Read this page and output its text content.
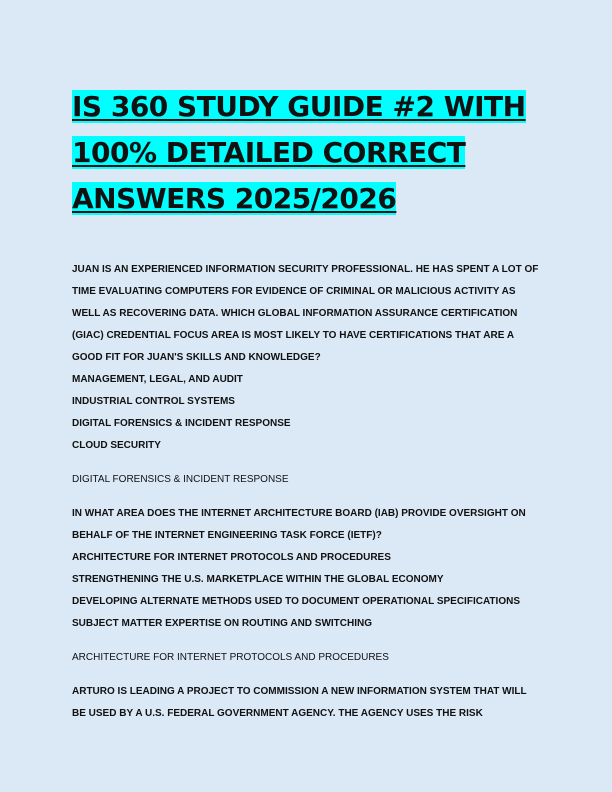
IS 360 STUDY GUIDE #2 WITH
100% DETAILED CORRECT
ANSWERS 2025/2026

JUAN IS AN EXPERIENCED INFORMATION SECURITY PROFESSIONAL. HE HAS SPENT A LOT OF TIME EVALUATING COMPUTERS FOR EVIDENCE OF CRIMINAL OR MALICIOUS ACTIVITY AS WELL AS RECOVERING DATA. WHICH GLOBAL INFORMATION ASSURANCE CERTIFICATION (GIAC) CREDENTIAL FOCUS AREA IS MOST LIKELY TO HAVE CERTIFICATIONS THAT ARE A GOOD FIT FOR JUAN'S SKILLS AND KNOWLEDGE?

MANAGEMENT, LEGAL, AND AUDIT

INDUSTRIAL CONTROL SYSTEMS

DIGITAL FORENSICS & INCIDENT RESPONSE

CLOUD SECURITY

DIGITAL FORENSICS & INCIDENT RESPONSE

IN WHAT AREA DOES THE INTERNET ARCHITECTURE BOARD (IAB) PROVIDE OVERSIGHT ON BEHALF OF THE INTERNET ENGINEERING TASK FORCE (IETF)?

ARCHITECTURE FOR INTERNET PROTOCOLS AND PROCEDURES

STRENGTHENING THE U.S. MARKETPLACE WITHIN THE GLOBAL ECONOMY

DEVELOPING ALTERNATE METHODS USED TO DOCUMENT OPERATIONAL SPECIFICATIONS

SUBJECT MATTER EXPERTISE ON ROUTING AND SWITCHING

ARCHITECTURE FOR INTERNET PROTOCOLS AND PROCEDURES

ARTURO IS LEADING A PROJECT TO COMMISSION A NEW INFORMATION SYSTEM THAT WILL BE USED BY A U.S. FEDERAL GOVERNMENT AGENCY. THE AGENCY USES THE RISK
